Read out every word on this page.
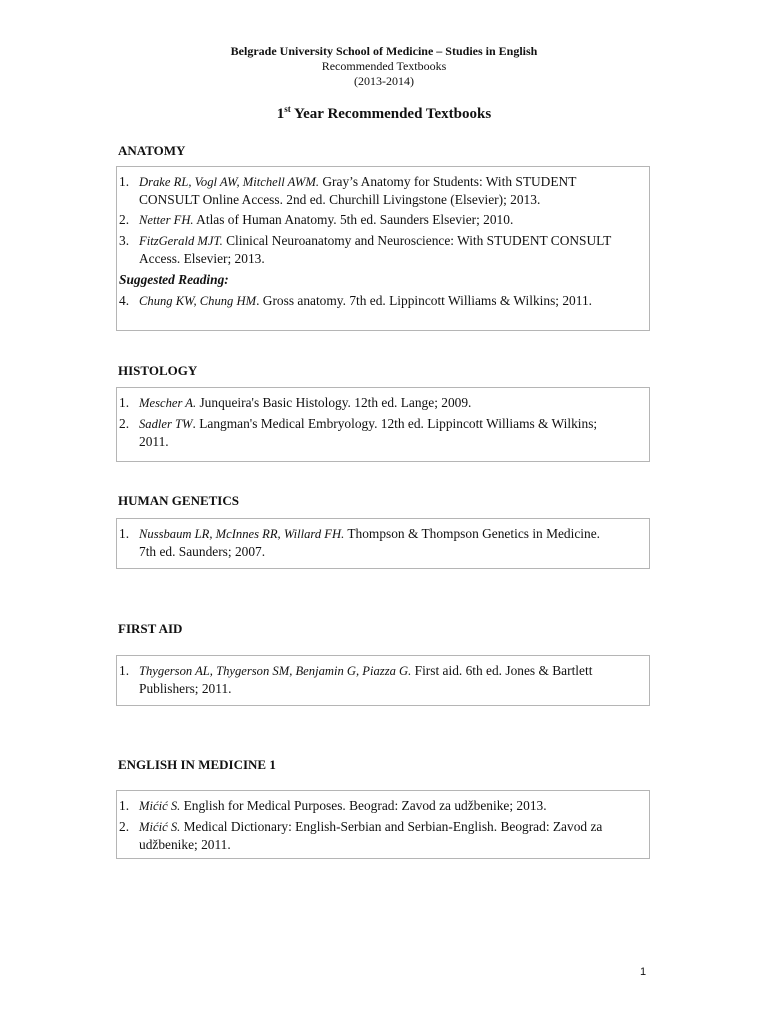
Belgrade University School of Medicine – Studies in English
Recommended Textbooks
(2013-2014)
1st Year Recommended Textbooks
ANATOMY
1. Drake RL, Vogl AW, Mitchell AWM. Gray’s Anatomy for Students: With STUDENT
CONSULT Online Access. 2nd ed. Churchill Livingstone (Elsevier); 2013.
2. Netter FH. Atlas of Human Anatomy. 5th ed. Saunders Elsevier; 2010.
3. FitzGerald MJT. Clinical Neuroanatomy and Neuroscience: With STUDENT CONSULT
Access. Elsevier; 2013.
Suggested Reading:
4. Chung KW, Chung HM. Gross anatomy. 7th ed. Lippincott Williams & Wilkins; 2011.
HISTOLOGY
1. Mescher A. Junqueira's Basic Histology. 12th ed. Lange; 2009.
2. Sadler TW. Langman's Medical Embryology. 12th ed. Lippincott Williams & Wilkins;
2011.
HUMAN GENETICS
1. Nussbaum LR, McInnes RR, Willard FH. Thompson & Thompson Genetics in Medicine.
7th ed. Saunders; 2007.
FIRST AID
1. Thygerson AL, Thygerson SM, Benjamin G, Piazza G. First aid. 6th ed. Jones & Bartlett
Publishers; 2011.
ENGLISH IN MEDICINE 1
1. Mićić S. English for Medical Purposes. Beograd: Zavod za udžbenike; 2013.
2. Mićić S. Medical Dictionary: English-Serbian and Serbian-English. Beograd: Zavod za
udžbenike; 2011.
1
